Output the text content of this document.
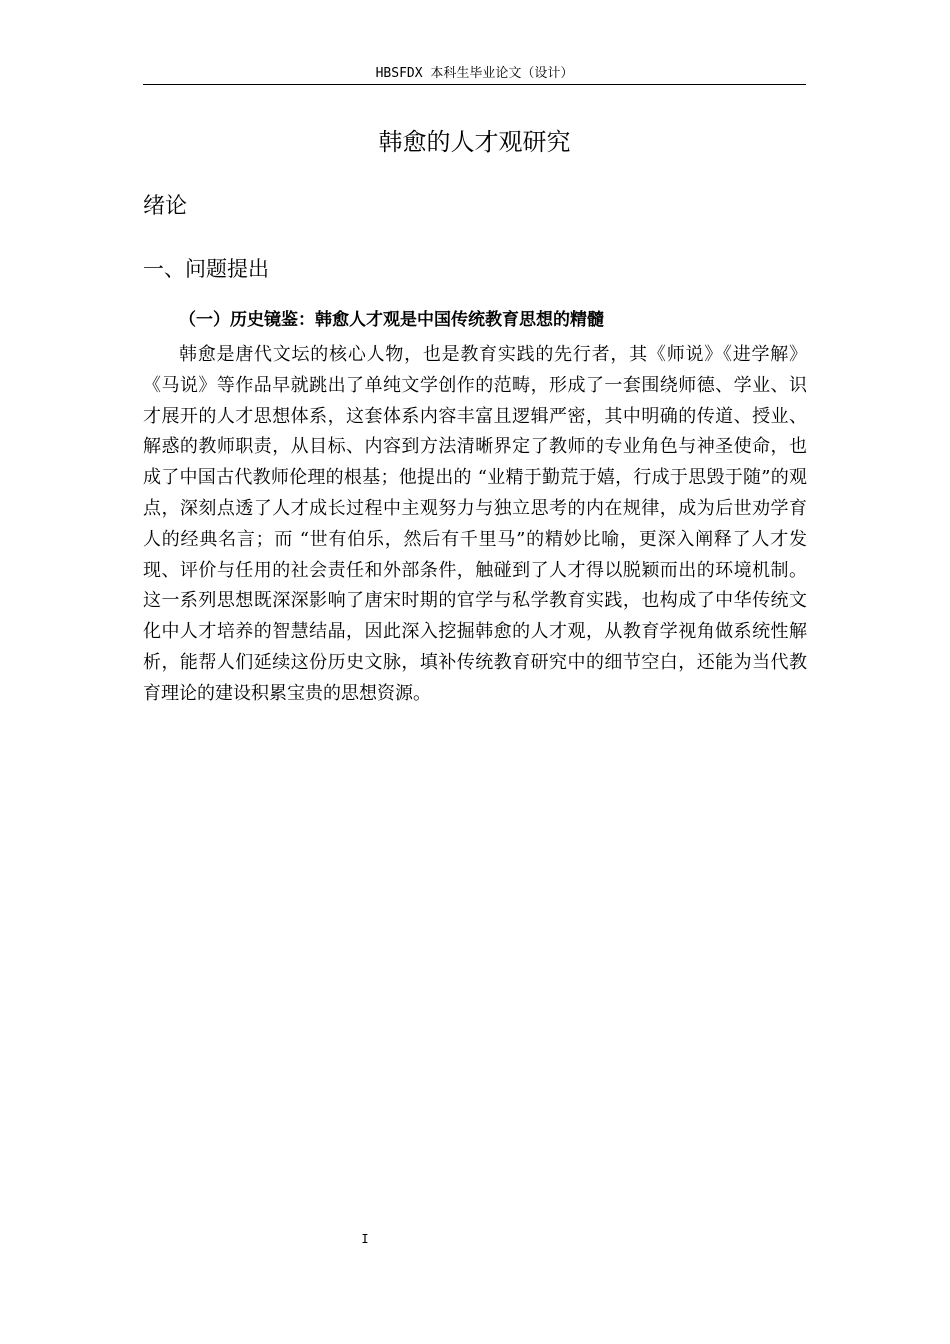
HBSFDX 本科生毕业论文（设计）
韩愈的人才观研究
绪论
一、问题提出
（一）历史镜鉴：韩愈人才观是中国传统教育思想的精髓

韩愈是唐代文坛的核心人物，也是教育实践的先行者，其《师说》《进学解》《马说》等作品早就跳出了单纯文学创作的范畴，形成了一套围绕师德、学业、识才展开的人才思想体系，这套体系内容丰富且逻辑严密，其中明确的传道、授业、解惑的教师职责，从目标、内容到方法清晰界定了教师的专业角色与神圣使命，也成了中国古代教师伦理的根基；他提出的 “业精于勤荒于嬉，行成于思毁于随”的观点，深刻点透了人才成长过程中主观努力与独立思考的内在规律，成为后世劝学育人的经典名言；而 “世有伯乐，然后有千里马”的精妙比喻，更深入阐释了人才发现、评价与任用的社会责任和外部条件，触碰到了人才得以脱颖而出的环境机制。这一系列思想既深深影响了唐宋时期的官学与私学教育实践，也构成了中华传统文化中人才培养的智慧结晶，因此深入挖掘韩愈的人才观，从教育学视角做系统性解析，能帮人们延续这份历史文脉，填补传统教育研究中的细节空白，还能为当代教育理论的建设积累宝贵的思想资源。

I
